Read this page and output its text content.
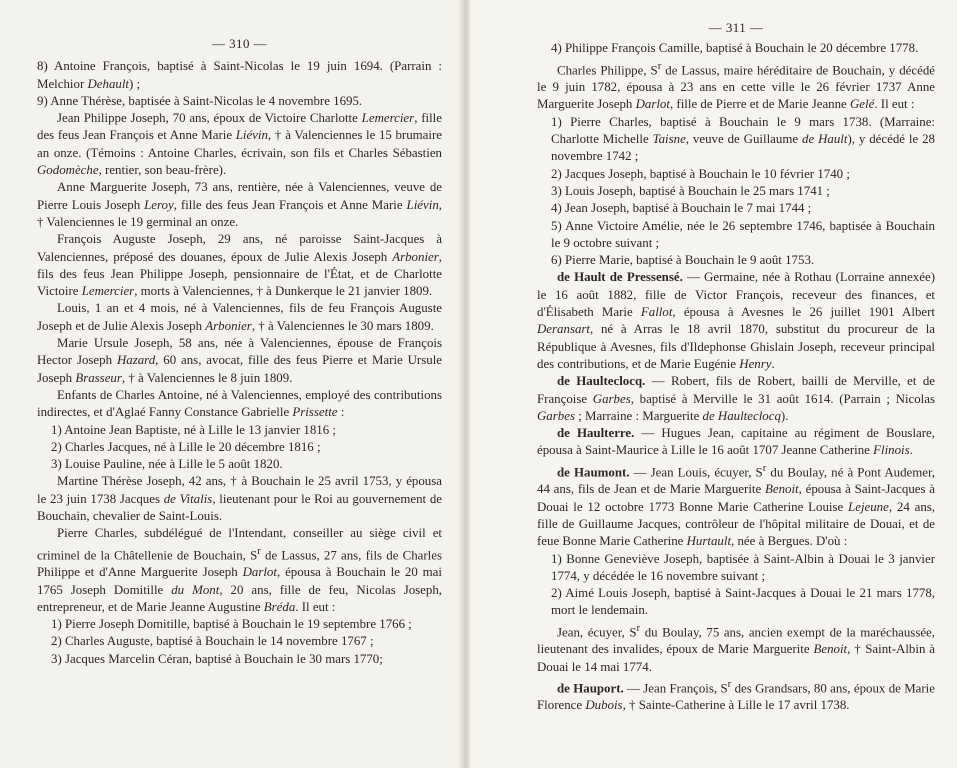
— 310 —

8) Antoine François, baptisé à Saint-Nicolas le 19 juin 1694. (Parrain : Melchior Dehault) ;

9) Anne Thérèse, baptisée à Saint-Nicolas le 4 novembre 1695.

Jean Philippe Joseph, 70 ans, époux de Victoire Charlotte Lemercier, fille des feus Jean François et Anne Marie Liévin, † à Valenciennes le 15 brumaire an onze. (Témoins : Antoine Charles, écrivain, son fils et Charles Sébastien Godomèche, rentier, son beau-frère).

Anne Marguerite Joseph, 73 ans, rentière, née à Valenciennes, veuve de Pierre Louis Joseph Leroy, fille des feus Jean François et Anne Marie Liévin, † Valenciennes le 19 germinal an onze.

François Auguste Joseph, 29 ans, né paroisse Saint-Jacques à Valenciennes, préposé des douanes, époux de Julie Alexis Joseph Arbonier, fils des feus Jean Philippe Joseph, pensionnaire de l'État, et de Charlotte Victoire Lemercier, morts à Valenciennes, † à Dunkerque le 21 janvier 1809.

Louis, 1 an et 4 mois, né à Valenciennes, fils de feu François Auguste Joseph et de Julie Alexis Joseph Arbonier, † à Valenciennes le 30 mars 1809.

Marie Ursule Joseph, 58 ans, née à Valenciennes, épouse de François Hector Joseph Hazard, 60 ans, avocat, fille des feus Pierre et Marie Ursule Joseph Brasseur, † à Valenciennes le 8 juin 1809.

Enfants de Charles Antoine, né à Valenciennes, employé des contributions indirectes, et d'Aglaé Fanny Constance Gabrielle Prissette :

1) Antoine Jean Baptiste, né à Lille le 13 janvier 1816 ;

2) Charles Jacques, né à Lille le 20 décembre 1816 ;

3) Louise Pauline, née à Lille le 5 août 1820.

Martine Thérèse Joseph, 42 ans, † à Bouchain le 25 avril 1753, y épousa le 23 juin 1738 Jacques de Vitalis, lieutenant pour le Roi au gouvernement de Bouchain, chevalier de Saint-Louis.

Pierre Charles, subdélégué de l'Intendant, conseiller au siège civil et criminel de la Châtellenie de Bouchain, $S^r$ de Lassus, 27 ans, fils de Charles Philippe et d'Anne Marguerite Joseph Darlot, épousa à Bouchain le 20 mai 1765 Joseph Domitille du Mont, 20 ans, fille de feu, Nicolas Joseph, entrepreneur, et de Marie Jeanne Augustine Bréda. Il eut :

1) Pierre Joseph Domitille, baptisé à Bouchain le 19 septembre 1766 ;

2) Charles Auguste, baptisé à Bouchain le 14 novembre 1767 ;

3) Jacques Marcelin Céran, baptisé à Bouchain le 30 mars 1770;

— 311 —

4) Philippe François Camille, baptisé à Bouchain le 20 décembre 1778.

Charles Philippe, $S^r$ de Lassus, maire héréditaire de Bouchain, y décédé le 9 juin 1782, épousa à 23 ans en cette ville le 26 février 1737 Anne Marguerite Joseph Darlot, fille de Pierre et de Marie Jeanne Gelé. Il eut :

1) Pierre Charles, baptisé à Bouchain le 9 mars 1738. (Marraine: Charlotte Michelle Taisne, veuve de Guillaume de Hault), y décédé le 28 novembre 1742 ;

2) Jacques Joseph, baptisé à Bouchain le 10 février 1740 ;

3) Louis Joseph, baptisé à Bouchain le 25 mars 1741 ;

4) Jean Joseph, baptisé à Bouchain le 7 mai 1744 ;

5) Anne Victoire Amélie, née le 26 septembre 1746, baptisée à Bouchain le 9 octobre suivant ;

6) Pierre Marie, baptisé à Bouchain le 9 août 1753.

de Hault de Pressensé. — Germaine, née à Rothau (Lorraine annexée) le 16 août 1882, fille de Victor François, receveur des finances, et d'Élisabeth Marie Fallot, épousa à Avesnes le 26 juillet 1901 Albert Deransart, né à Arras le 18 avril 1870, substitut du procureur de la République à Avesnes, fils d'Ildephonse Ghislain Joseph, receveur principal des contributions, et de Marie Eugénie Henry.

de Haulteclocq. — Robert, fils de Robert, bailli de Merville, et de Françoise Garbes, baptisé à Merville le 31 août 1614. (Parrain ; Nicolas Garbes ; Marraine : Marguerite de Haulteclocq).

de Haulterre. — Hugues Jean, capitaine au régiment de Bouslare, épousa à Saint-Maurice à Lille le 16 août 1707 Jeanne Catherine Flinois.

de Haumont. — Jean Louis, écuyer, $S^r$ du Boulay, né à Pont Audemer, 44 ans, fils de Jean et de Marie Marguerite Benoit, épousa à Saint-Jacques à Douai le 12 octobre 1773 Bonne Marie Catherine Louise Lejeune, 24 ans, fille de Guillaume Jacques, contrôleur de l'hôpital militaire de Douai, et de feue Bonne Marie Catherine Hurtault, née à Bergues. D'où :

1) Bonne Geneviève Joseph, baptisée à Saint-Albin à Douai le 3 janvier 1774, y décédée le 16 novembre suivant ;

2) Aimé Louis Joseph, baptisé à Saint-Jacques à Douai le 21 mars 1778, mort le lendemain.

Jean, écuyer, $S^r$ du Boulay, 75 ans, ancien exempt de la maréchaussée, lieutenant des invalides, époux de Marie Marguerite Benoit, † Saint-Albin à Douai le 14 mai 1774.

de Hauport. — Jean François, $S^r$ des Grandsars, 80 ans, époux de Marie Florence Dubois, † Sainte-Catherine à Lille le 17 avril 1738.
